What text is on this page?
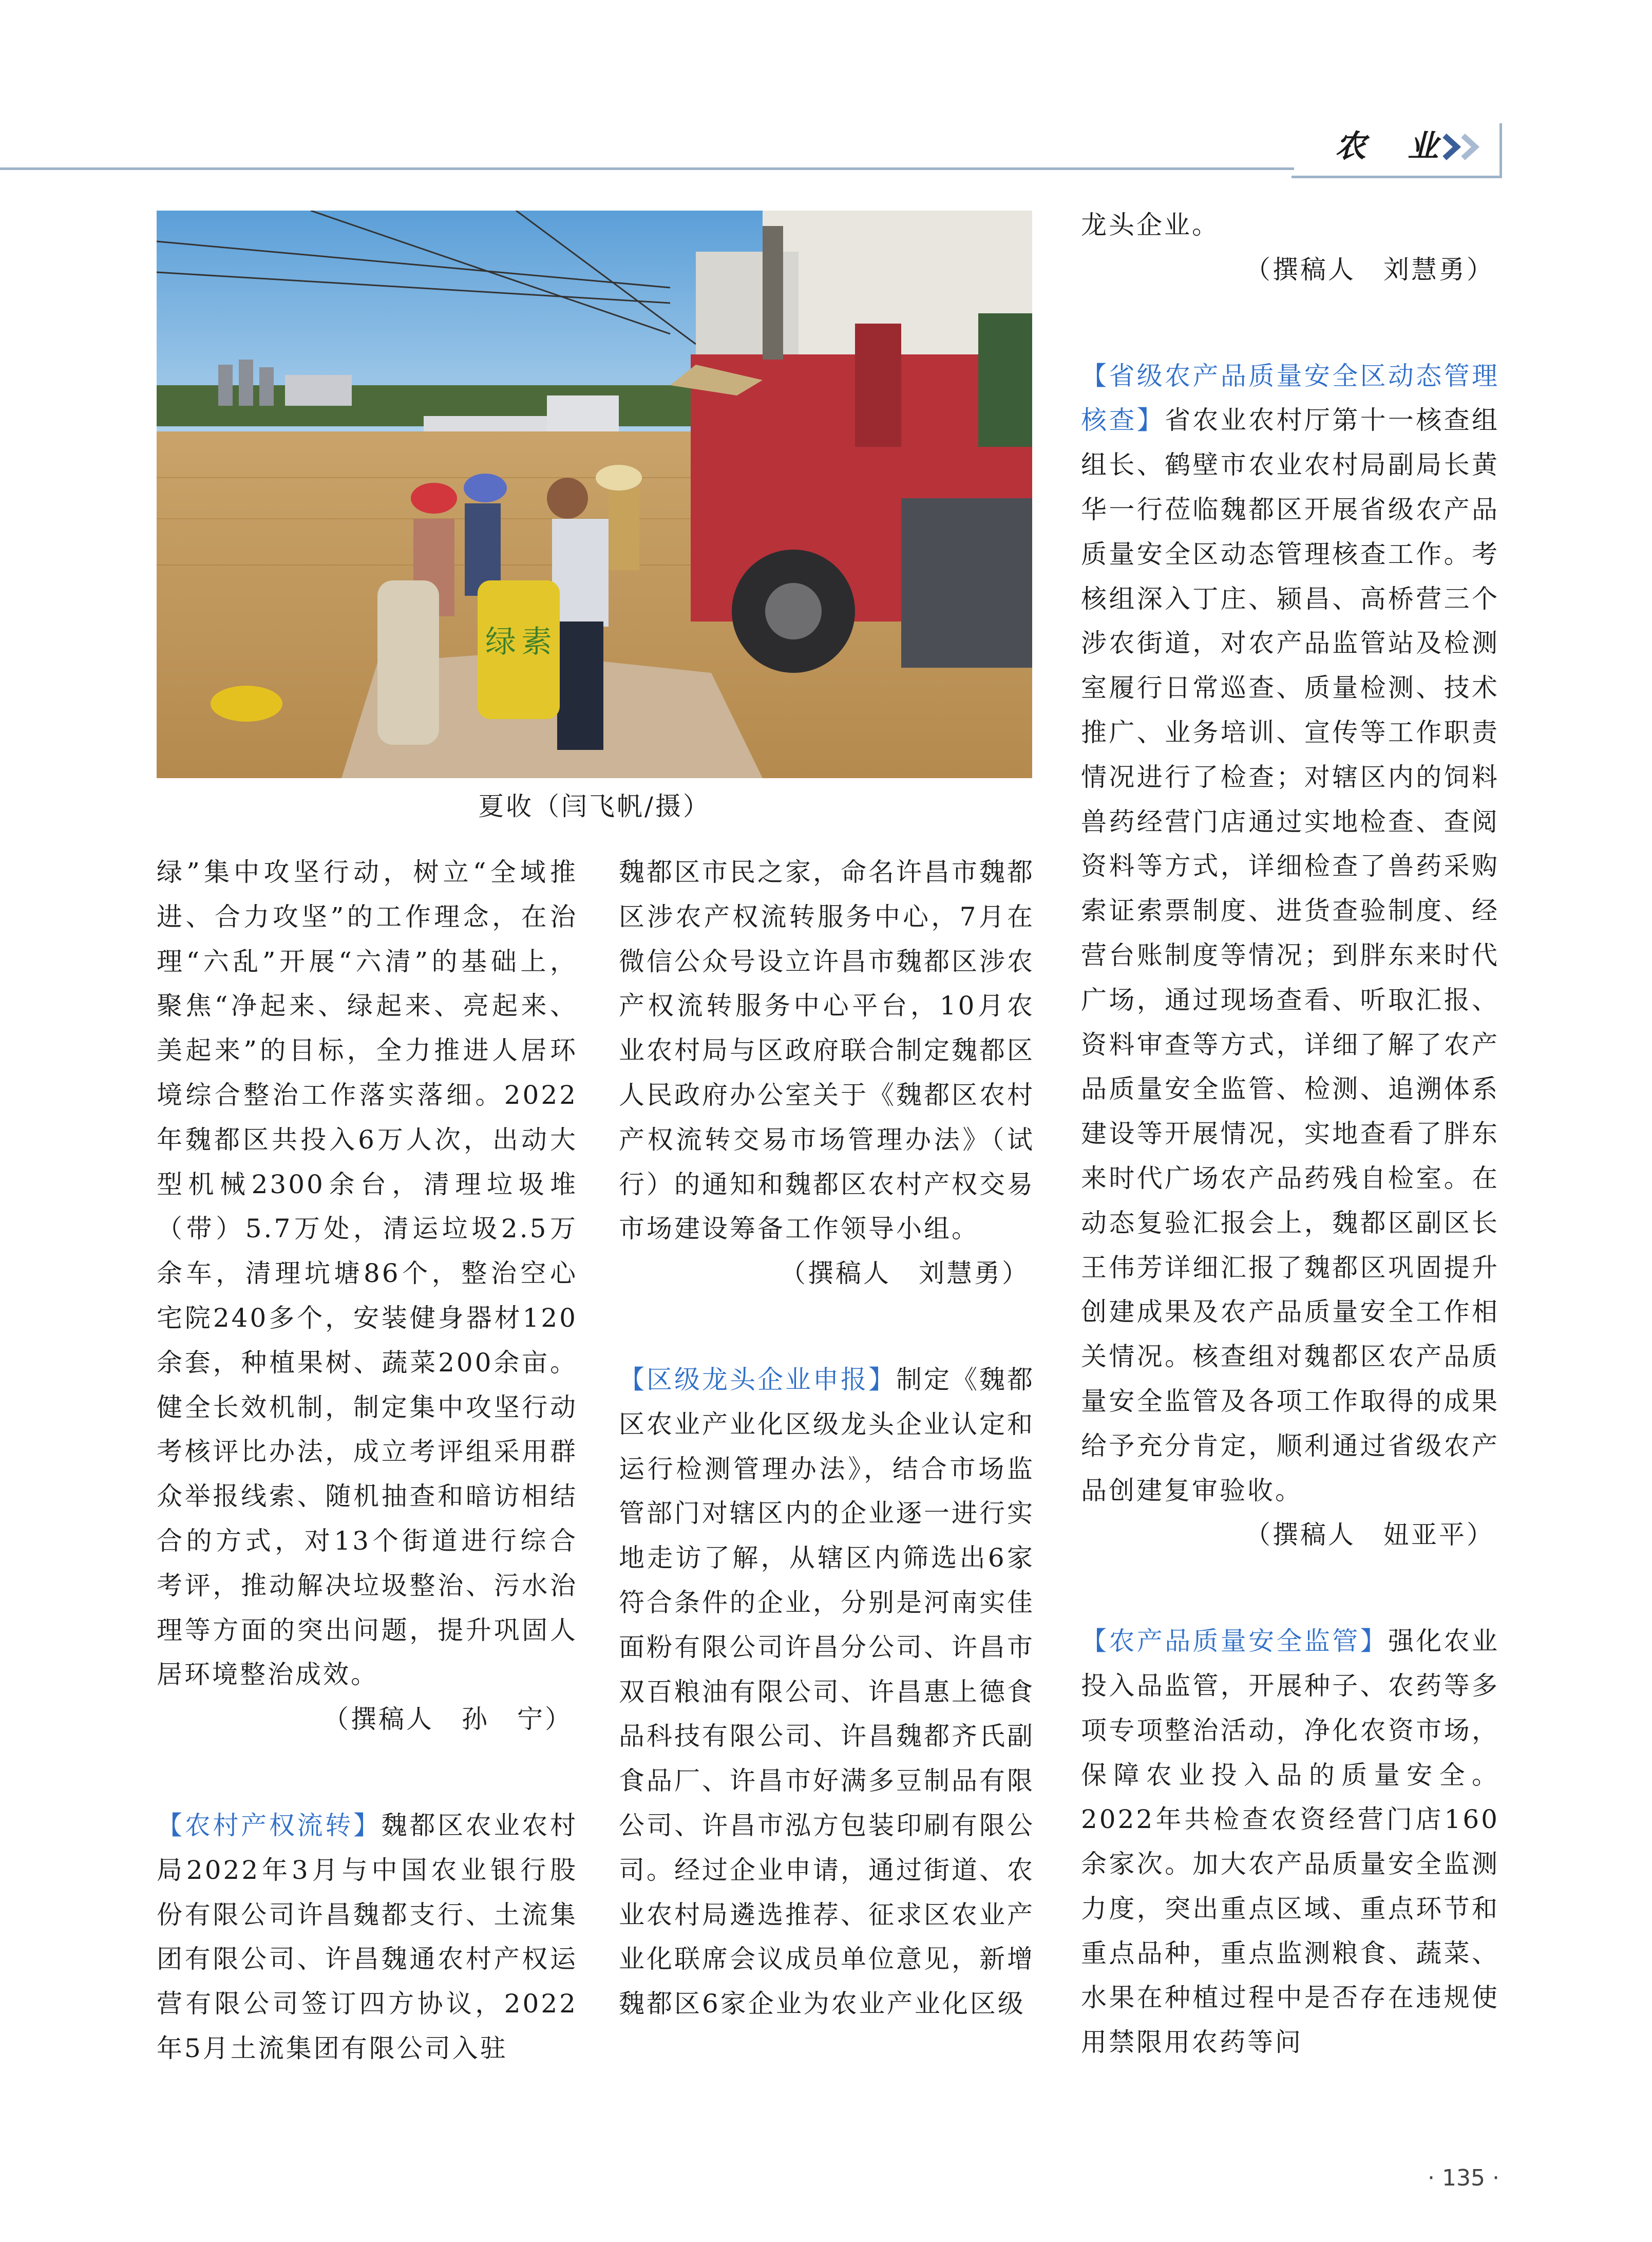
农 业
绿 素
夏收（闫飞帆/摄）

绿”集中攻坚行动，树立“全域推进、合力攻坚”的工作理念，在治理“六乱”开展“六清”的基础上，聚焦“净起来、绿起来、亮起来、美起来”的目标，全力推进人居环境综合整治工作落实落细。2022年魏都区共投入6万人次，出动大型机械2300余台，清理垃圾堆（带）5.7万处，清运垃圾2.5万余车，清理坑塘86个，整治空心宅院240多个，安装健身器材120余套，种植果树、蔬菜200余亩。健全长效机制，制定集中攻坚行动考核评比办法，成立考评组采用群众举报线索、随机抽查和暗访相结合的方式，对13个街道进行综合考评，推动解决垃圾整治、污水治理等方面的突出问题，提升巩固人居环境整治成效。

（撰稿人　孙　宁）

【农村产权流转】魏都区农业农村局2022年3月与中国农业银行股份有限公司许昌魏都支行、土流集团有限公司、许昌魏通农村产权运营有限公司签订四方协议，2022年5月土流集团有限公司入驻

魏都区市民之家，命名许昌市魏都区涉农产权流转服务中心，7月在微信公众号设立许昌市魏都区涉农产权流转服务中心平台，10月农业农村局与区政府联合制定魏都区人民政府办公室关于《魏都区农村产权流转交易市场管理办法》（试行）的通知和魏都区农村产权交易市场建设筹备工作领导小组。

（撰稿人　刘慧勇）

【区级龙头企业申报】制定《魏都区农业产业化区级龙头企业认定和运行检测管理办法》，结合市场监管部门对辖区内的企业逐一进行实地走访了解，从辖区内筛选出6家符合条件的企业，分别是河南实佳面粉有限公司许昌分公司、许昌市双百粮油有限公司、许昌惠上德食品科技有限公司、许昌魏都齐氏副食品厂、许昌市好满多豆制品有限公司、许昌市泓方包装印刷有限公司。经过企业申请，通过街道、农业农村局遴选推荐、征求区农业产业化联席会议成员单位意见，新增魏都区6家企业为农业产业化区级

龙头企业。

（撰稿人　刘慧勇）

【省级农产品质量安全区动态管理核查】省农业农村厅第十一核查组组长、鹤壁市农业农村局副局长黄华一行莅临魏都区开展省级农产品质量安全区动态管理核查工作。考核组深入丁庄、颍昌、高桥营三个涉农街道，对农产品监管站及检测室履行日常巡查、质量检测、技术推广、业务培训、宣传等工作职责情况进行了检查；对辖区内的饲料兽药经营门店通过实地检查、查阅资料等方式，详细检查了兽药采购索证索票制度、进货查验制度、经营台账制度等情况；到胖东来时代广场，通过现场查看、听取汇报、资料审查等方式，详细了解了农产品质量安全监管、检测、追溯体系建设等开展情况，实地查看了胖东来时代广场农产品药残自检室。在动态复验汇报会上，魏都区副区长王伟芳详细汇报了魏都区巩固提升创建成果及农产品质量安全工作相关情况。核查组对魏都区农产品质量安全监管及各项工作取得的成果给予充分肯定，顺利通过省级农产品创建复审验收。

（撰稿人　妞亚平）

【农产品质量安全监管】强化农业投入品监管，开展种子、农药等多项专项整治活动，净化农资市场，保障农业投入品的质量安全。2022年共检查农资经营门店160余家次。加大农产品质量安全监测力度，突出重点区域、重点环节和重点品种，重点监测粮食、蔬菜、水果在种植过程中是否存在违规使用禁限用农药等问

· 135 ·
